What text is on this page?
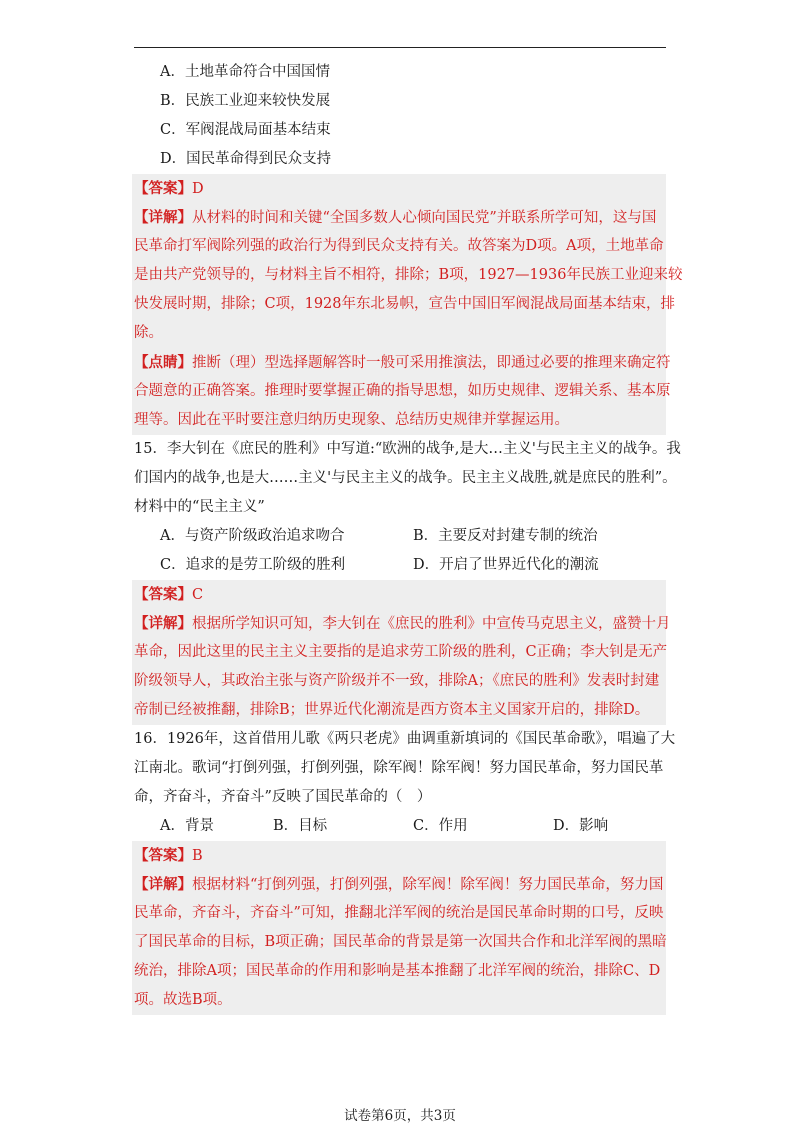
A．土地革命符合中国国情
B．民族工业迎来较快发展
C．军阀混战局面基本结束
D．国民革命得到民众支持
【答案】D
【详解】从材料的时间和关键“全国多数人心倾向国民党”并联系所学可知，这与国
民革命打军阀除列强的政治行为得到民众支持有关。故答案为D项。A项，土地革命
是由共产党领导的，与材料主旨不相符，排除；B项，1927—1936年民族工业迎来较
快发展时期，排除；C项，1928年东北易帜，宣告中国旧军阀混战局面基本结束，排
除。
【点睛】推断（理）型选择题解答时一般可采用推演法，即通过必要的推理来确定符
合题意的正确答案。推理时要掌握正确的指导思想，如历史规律、逻辑关系、基本原
理等。因此在平时要注意归纳历史现象、总结历史规律并掌握运用。
15．李大钊在《庶民的胜利》中写道:“欧洲的战争,是大…主义'与民主主义的战争。我
们国内的战争,也是大……主义'与民主主义的战争。民主主义战胜,就是庶民的胜利”。
材料中的“民主主义”
A．与资产阶级政治追求吻合	B．主要反对封建专制的统治
C．追求的是劳工阶级的胜利	D．开启了世界近代化的潮流
【答案】C
【详解】根据所学知识可知，李大钊在《庶民的胜利》中宣传马克思主义，盛赞十月
革命，因此这里的民主主义主要指的是追求劳工阶级的胜利，C正确；李大钊是无产
阶级领导人，其政治主张与资产阶级并不一致，排除A；《庶民的胜利》发表时封建
帝制已经被推翻，排除B；世界近代化潮流是西方资本主义国家开启的，排除D。
16．1926年，这首借用儿歌《两只老虎》曲调重新填词的《国民革命歌》，唱遍了大
江南北。歌词“打倒列强，打倒列强，除军阀！除军阀！努力国民革命，努力国民革
命，齐奋斗，齐奋斗”反映了国民革命的（　）
A．背景	B．目标	C．作用	D．影响
【答案】B
【详解】根据材料“打倒列强，打倒列强，除军阀！除军阀！努力国民革命，努力国
民革命，齐奋斗，齐奋斗”可知，推翻北洋军阀的统治是国民革命时期的口号，反映
了国民革命的目标，B项正确；国民革命的背景是第一次国共合作和北洋军阀的黑暗
统治，排除A项；国民革命的作用和影响是基本推翻了北洋军阀的统治，排除C、D
项。故选B项。
试卷第6页，共3页
